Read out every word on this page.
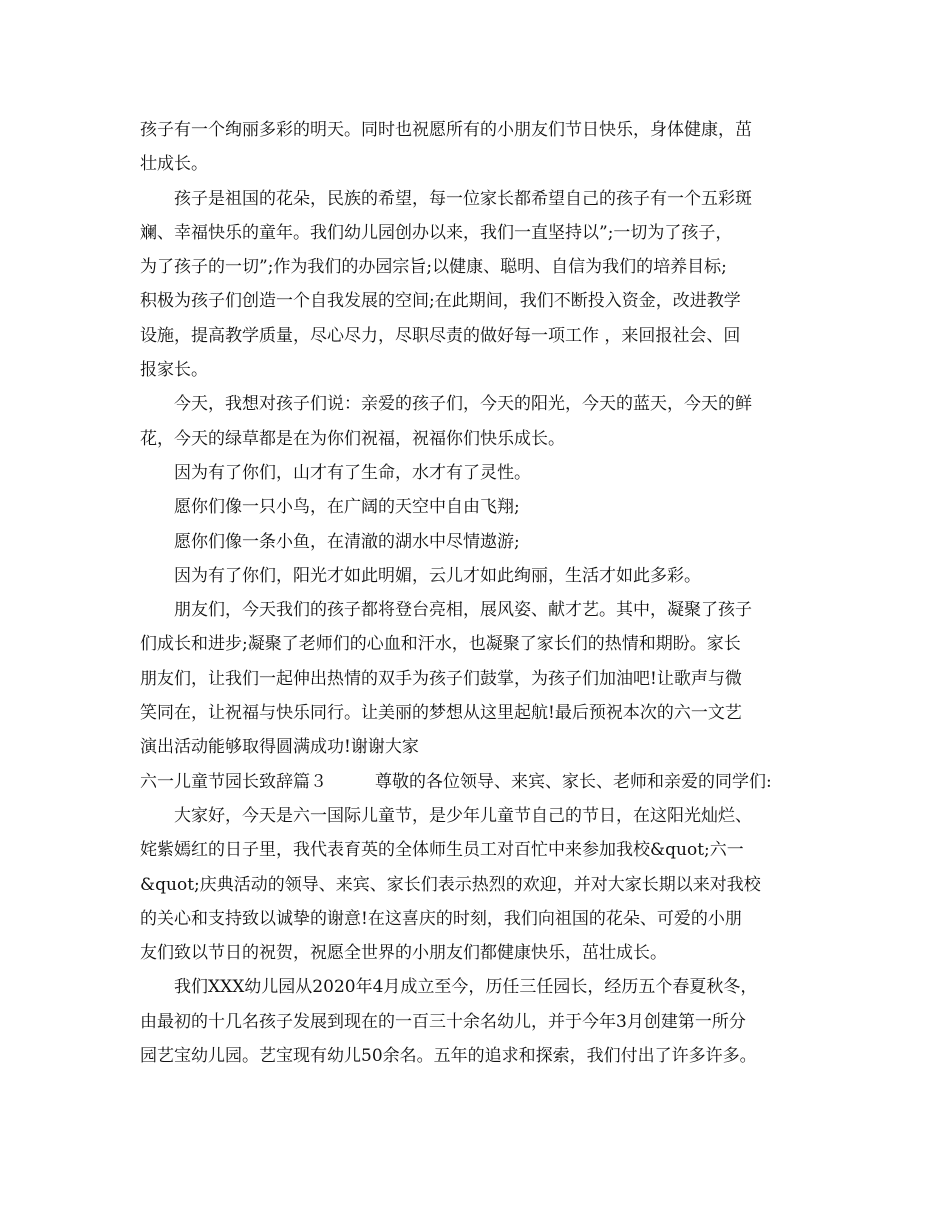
孩子有一个绚丽多彩的明天。同时也祝愿所有的小朋友们节日快乐，身体健康，茁
壮成长。
孩子是祖国的花朵，民族的希望，每一位家长都希望自己的孩子有一个五彩斑
斓、幸福快乐的童年。我们幼儿园创办以来，我们一直坚持以”;一切为了孩子，
为了孩子的一切”;作为我们的办园宗旨;以健康、聪明、自信为我们的培养目标;
积极为孩子们创造一个自我发展的空间;在此期间，我们不断投入资金，改进教学
设施，提高教学质量，尽心尽力，尽职尽责的做好每一项工作 ，来回报社会、回
报家长。
今天，我想对孩子们说：亲爱的孩子们，今天的阳光，今天的蓝天，今天的鲜
花，今天的绿草都是在为你们祝福，祝福你们快乐成长。
因为有了你们，山才有了生命，水才有了灵性。
愿你们像一只小鸟，在广阔的天空中自由飞翔;
愿你们像一条小鱼，在清澈的湖水中尽情遨游;
因为有了你们，阳光才如此明媚，云儿才如此绚丽，生活才如此多彩。
朋友们，今天我们的孩子都将登台亮相，展风姿、献才艺。其中，凝聚了孩子
们成长和进步;凝聚了老师们的心血和汗水，也凝聚了家长们的热情和期盼。家长
朋友们，让我们一起伸出热情的双手为孩子们鼓掌，为孩子们加油吧!让歌声与微
笑同在，让祝福与快乐同行。让美丽的梦想从这里起航!最后预祝本次的六一文艺
演出活动能够取得圆满成功!谢谢大家
六一儿童节园长致辞篇３	尊敬的各位领导、来宾、家长、老师和亲爱的同学们:
大家好，今天是六一国际儿童节，是少年儿童节自己的节日，在这阳光灿烂、
姹紫嫣红的日子里，我代表育英的全体师生员工对百忙中来参加我校&quot;六一
&quot;庆典活动的领导、来宾、家长们表示热烈的欢迎，并对大家长期以来对我校
的关心和支持致以诚挚的谢意!在这喜庆的时刻，我们向祖国的花朵、可爱的小朋
友们致以节日的祝贺，祝愿全世界的小朋友们都健康快乐，茁壮成长。
我们XXX幼儿园从2020年4月成立至今，历任三任园长，经历五个春夏秋冬，
由最初的十几名孩子发展到现在的一百三十余名幼儿，并于今年3月创建第一所分
园艺宝幼儿园。艺宝现有幼儿50余名。五年的追求和探索，我们付出了许多许多。
